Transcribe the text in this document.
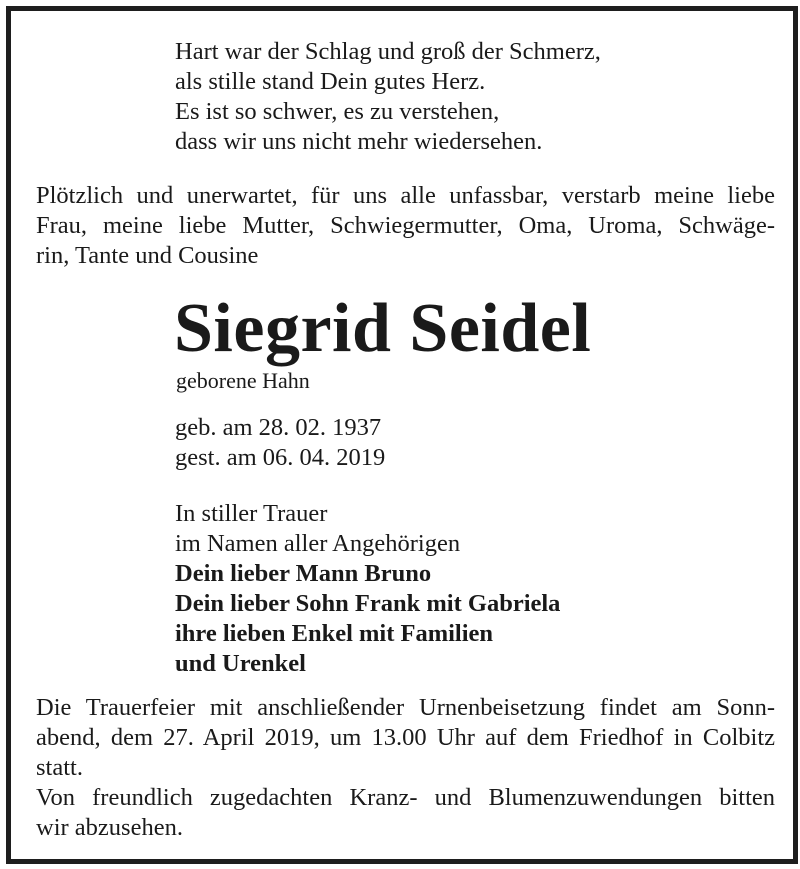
Hart war der Schlag und groß der Schmerz,
als stille stand Dein gutes Herz.
Es ist so schwer, es zu verstehen,
dass wir uns nicht mehr wiedersehen.
Plötzlich und unerwartet, für uns alle unfassbar, verstarb meine liebe
Frau, meine liebe Mutter, Schwiegermutter, Oma, Uroma, Schwäge-
rin, Tante und Cousine
Siegrid Seidel
geborene Hahn
geb. am 28. 02. 1937
gest. am 06. 04. 2019
In stiller Trauer
im Namen aller Angehörigen
Dein lieber Mann Bruno
Dein lieber Sohn Frank mit Gabriela
ihre lieben Enkel mit Familien
und Urenkel
Die Trauerfeier mit anschließender Urnenbeisetzung findet am Sonn-
abend, dem 27. April 2019, um 13.00 Uhr auf dem Friedhof in Colbitz
statt.
Von freundlich zugedachten Kranz- und Blumenzuwendungen bitten
wir abzusehen.
